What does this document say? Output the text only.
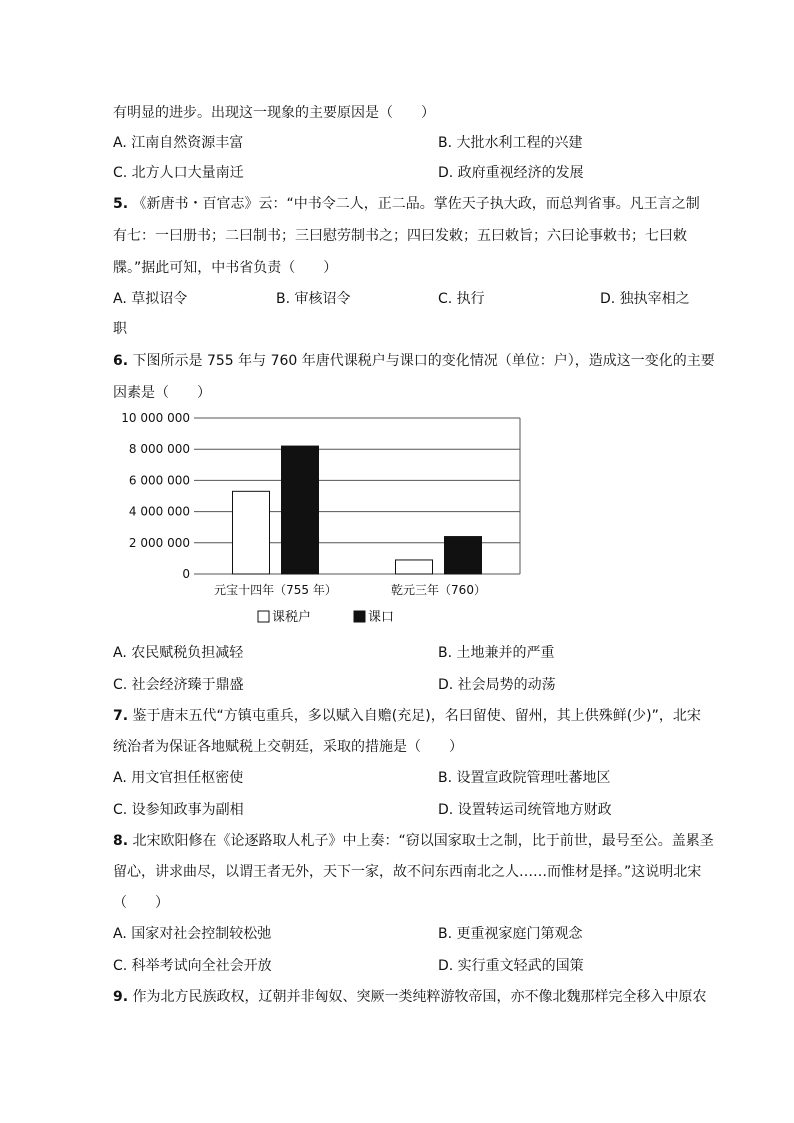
有明显的进步。出现这一现象的主要原因是（　　）
A. 江南自然资源丰富	B. 大批水利工程的兴建
C. 北方人口大量南迁	D. 政府重视经济的发展
5. 《新唐书・百官志》云：“中书令二人，正二品。掌佐天子执大政，而总判省事。凡王言之制
有七：一曰册书；二曰制书；三曰慰劳制书之；四曰发敕；五曰敕旨；六曰论事敕书；七曰敕
牒。”据此可知，中书省负责（　　）
A. 草拟诏令	B. 审核诏令	C. 执行	D. 独执宰相之
职
6. 下图所示是 755 年与 760 年唐代课税户与课口的变化情况（单位：户），造成这一变化的主要
因素是（　　）
10 000 000
8 000 000
6 000 000
4 000 000
2 000 000
0
元宝十四年（755 年）	乾元三年（760）
课税户	课口
A. 农民赋税负担减轻	B. 土地兼并的严重
C. 社会经济臻于鼎盛	D. 社会局势的动荡
7. 鉴于唐末五代“方镇屯重兵，多以赋入自赡(充足)，名曰留使、留州，其上供殊鲜(少)”，北宋
统治者为保证各地赋税上交朝廷，采取的措施是（　　）
A. 用文官担任枢密使	B. 设置宣政院管理吐蕃地区
C. 设参知政事为副相	D. 设置转运司统管地方财政
8. 北宋欧阳修在《论逐路取人札子》中上奏：“窃以国家取士之制，比于前世，最号至公。盖累圣
留心，讲求曲尽，以谓王者无外，天下一家，故不问东西南北之人……而惟材是择。”这说明北宋
（　　）
A. 国家对社会控制较松弛	B. 更重视家庭门第观念
C. 科举考试向全社会开放	D. 实行重文轻武的国策
9. 作为北方民族政权，辽朝并非匈奴、突厥一类纯粹游牧帝国，亦不像北魏那样完全移入中原农
